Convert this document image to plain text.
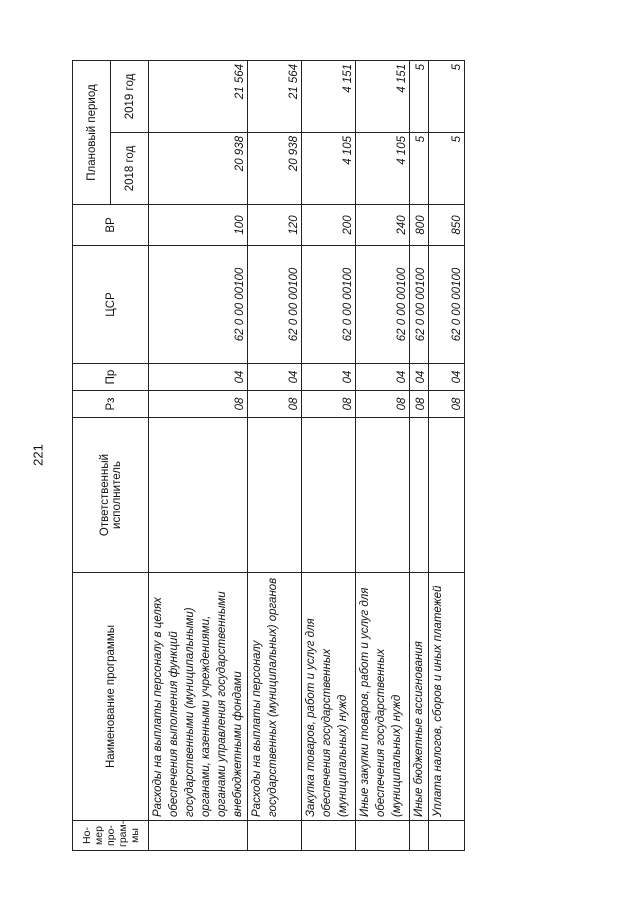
221
Но- мер про- грам- мы	Наименование программы	Ответственный исполнитель	Рз	Пр	ЦСР	ВР	Плановый период	
							2018 год	2019 год
	Расходы на выплаты персоналу в целях обеспечения выполнения функций государственными (муниципальными) органами, казенными учреждениями, органами управления государственными внебюджетными фондами		08	04	62 0 00 00100	100	20 938	21 564
	Расходы на выплаты персоналу государственных (муниципальных) органов		08	04	62 0 00 00100	120	20 938	21 564
	Закупка товаров, работ и услуг для обеспечения государственных (муниципальных) нужд		08	04	62 0 00 00100	200	4 105	4 151
	Иные закупки товаров, работ и услуг для обеспечения государственных (муниципальных) нужд		08	04	62 0 00 00100	240	4 105	4 151
	Иные бюджетные ассигнования		08	04	62 0 00 00100	800	5	5
	Уплата налогов, сборов и иных платежей		08	04	62 0 00 00100	850	5	5
